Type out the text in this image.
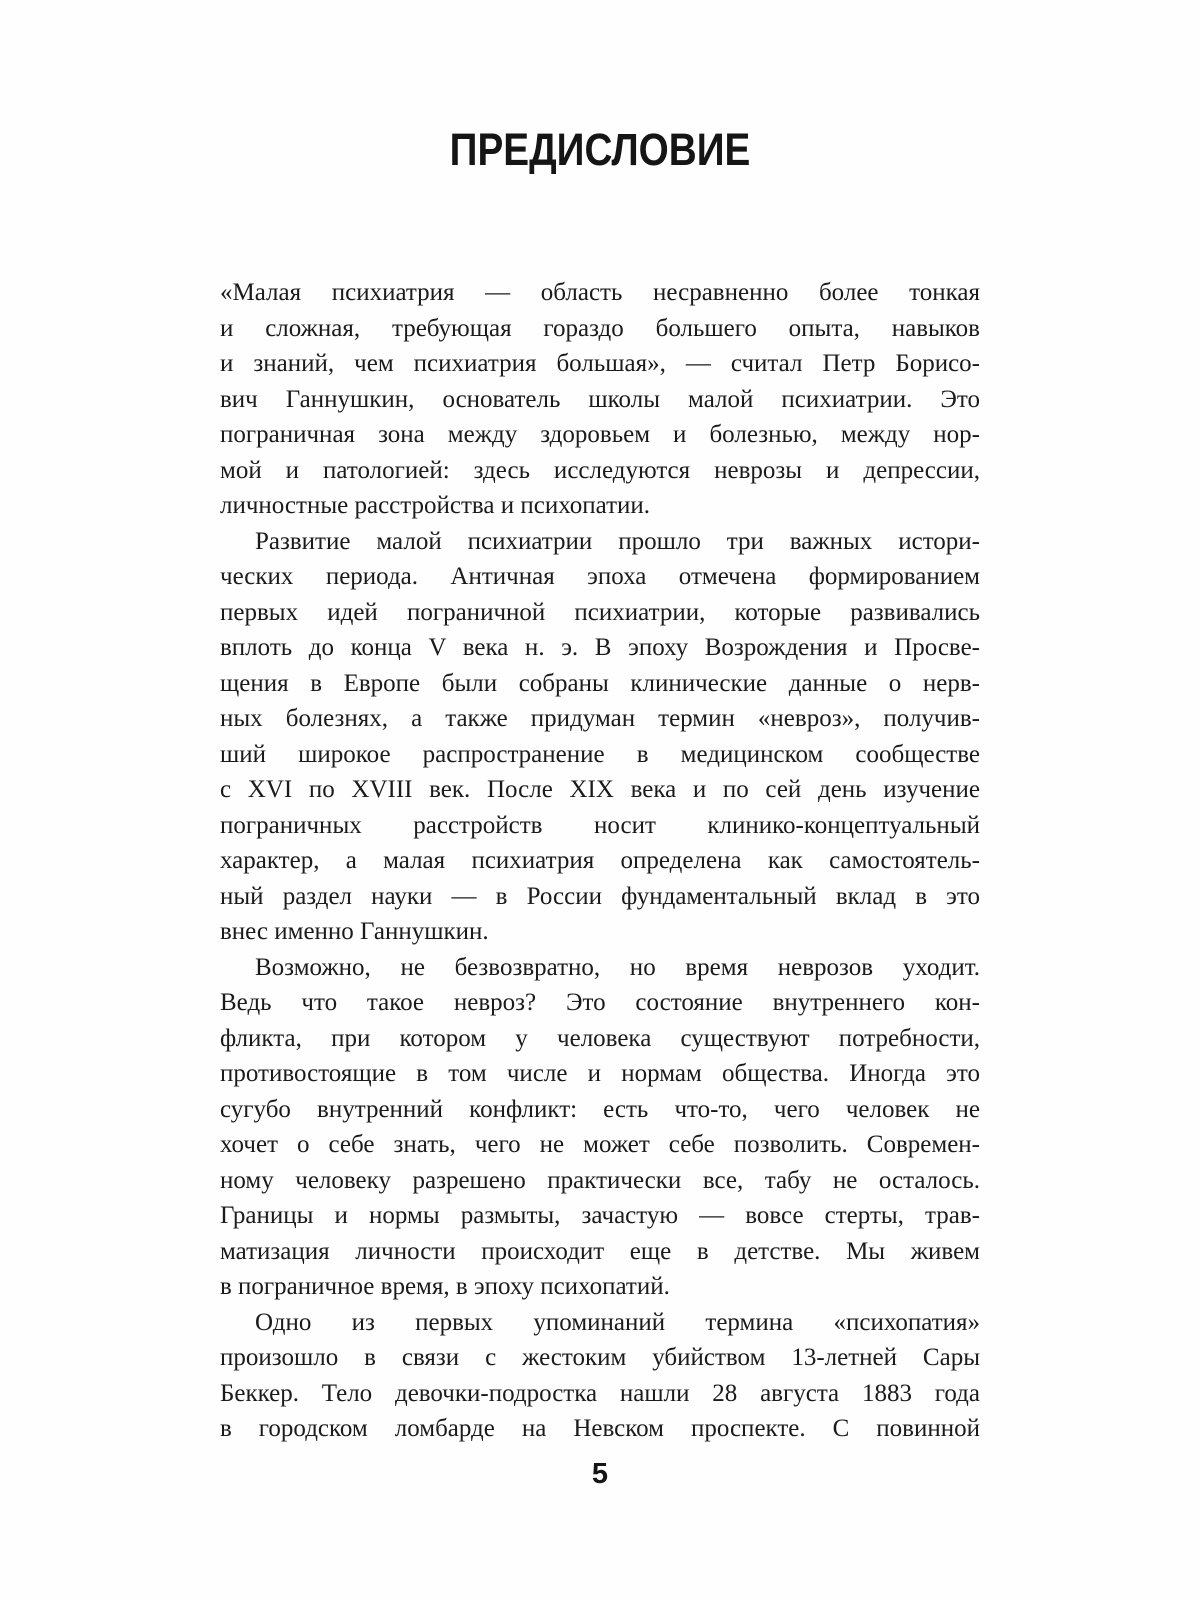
ПРЕДИСЛОВИЕ
«Малая психиатрия — область несравненно более тонкая
и сложная, требующая гораздо большего опыта, навыков
и знаний, чем психиатрия большая», — считал Петр Борисо-
вич Ганнушкин, основатель школы малой психиатрии. Это
пограничная зона между здоровьем и болезнью, между нор-
мой и патологией: здесь исследуются неврозы и депрессии,
личностные расстройства и психопатии.
Развитие малой психиатрии прошло три важных истори-
ческих периода. Античная эпоха отмечена формированием
первых идей пограничной психиатрии, которые развивались
вплоть до конца V века н. э. В эпоху Возрождения и Просве-
щения в Европе были собраны клинические данные о нерв-
ных болезнях, а также придуман термин «невроз», получив-
ший широкое распространение в медицинском сообществе
с XVI по XVIII век. После XIX века и по сей день изучение
пограничных расстройств носит клинико-концептуальный
характер, а малая психиатрия определена как самостоятель-
ный раздел науки — в России фундаментальный вклад в это
внес именно Ганнушкин.
Возможно, не безвозвратно, но время неврозов уходит.
Ведь что такое невроз? Это состояние внутреннего кон-
фликта, при котором у человека существуют потребности,
противостоящие в том числе и нормам общества. Иногда это
сугубо внутренний конфликт: есть что-то, чего человек не
хочет о себе знать, чего не может себе позволить. Современ-
ному человеку разрешено практически все, табу не осталось.
Границы и нормы размыты, зачастую — вовсе стерты, трав-
матизация личности происходит еще в детстве. Мы живем
в пограничное время, в эпоху психопатий.
Одно из первых упоминаний термина «психопатия»
произошло в связи с жестоким убийством 13-летней Сары
Беккер. Тело девочки-подростка нашли 28 августа 1883 года
в городском ломбарде на Невском проспекте. С повинной
5
